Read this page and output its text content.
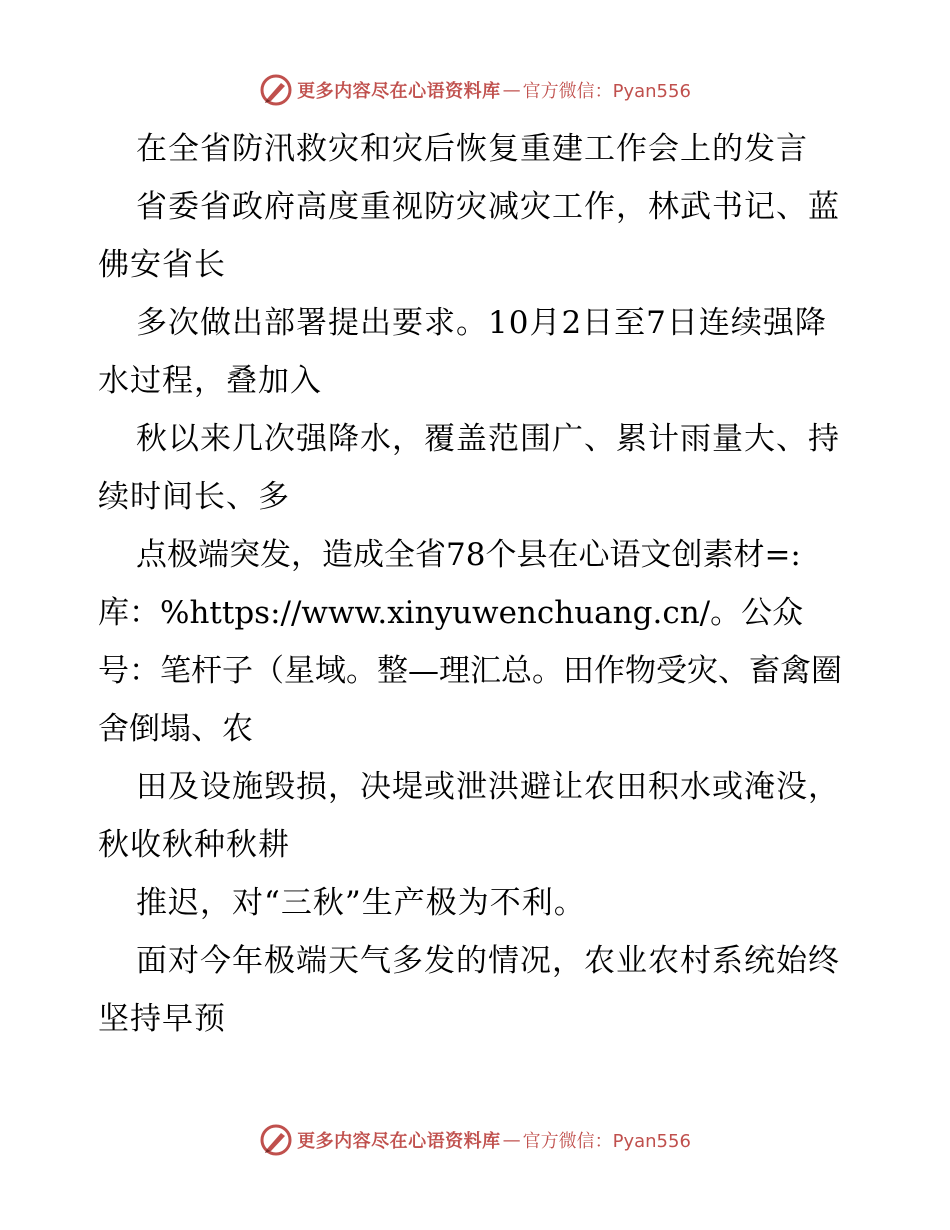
更多内容尽在心语资料库 — 官方微信：Pyan556

在全省防汛救灾和灾后恢复重建工作会上的发言

省委省政府高度重视防灾减灾工作，林武书记、蓝佛安省长

多次做出部署提出要求。10月2日至7日连续强降水过程，叠加入

秋以来几次强降水，覆盖范围广、累计雨量大、持续时间长、多

点极端突发，造成全省78个县在心语文创素材=:库：%https://www.xinyuwenchuang.cn/。公众号：笔杆子（星域。整—理汇总。田作物受灾、畜禽圈舍倒塌、农

田及设施毁损，决堤或泄洪避让农田积水或淹没，秋收秋种秋耕

推迟，对“三秋”生产极为不利。

面对今年极端天气多发的情况，农业农村系统始终坚持早预

更多内容尽在心语资料库 — 官方微信：Pyan556
